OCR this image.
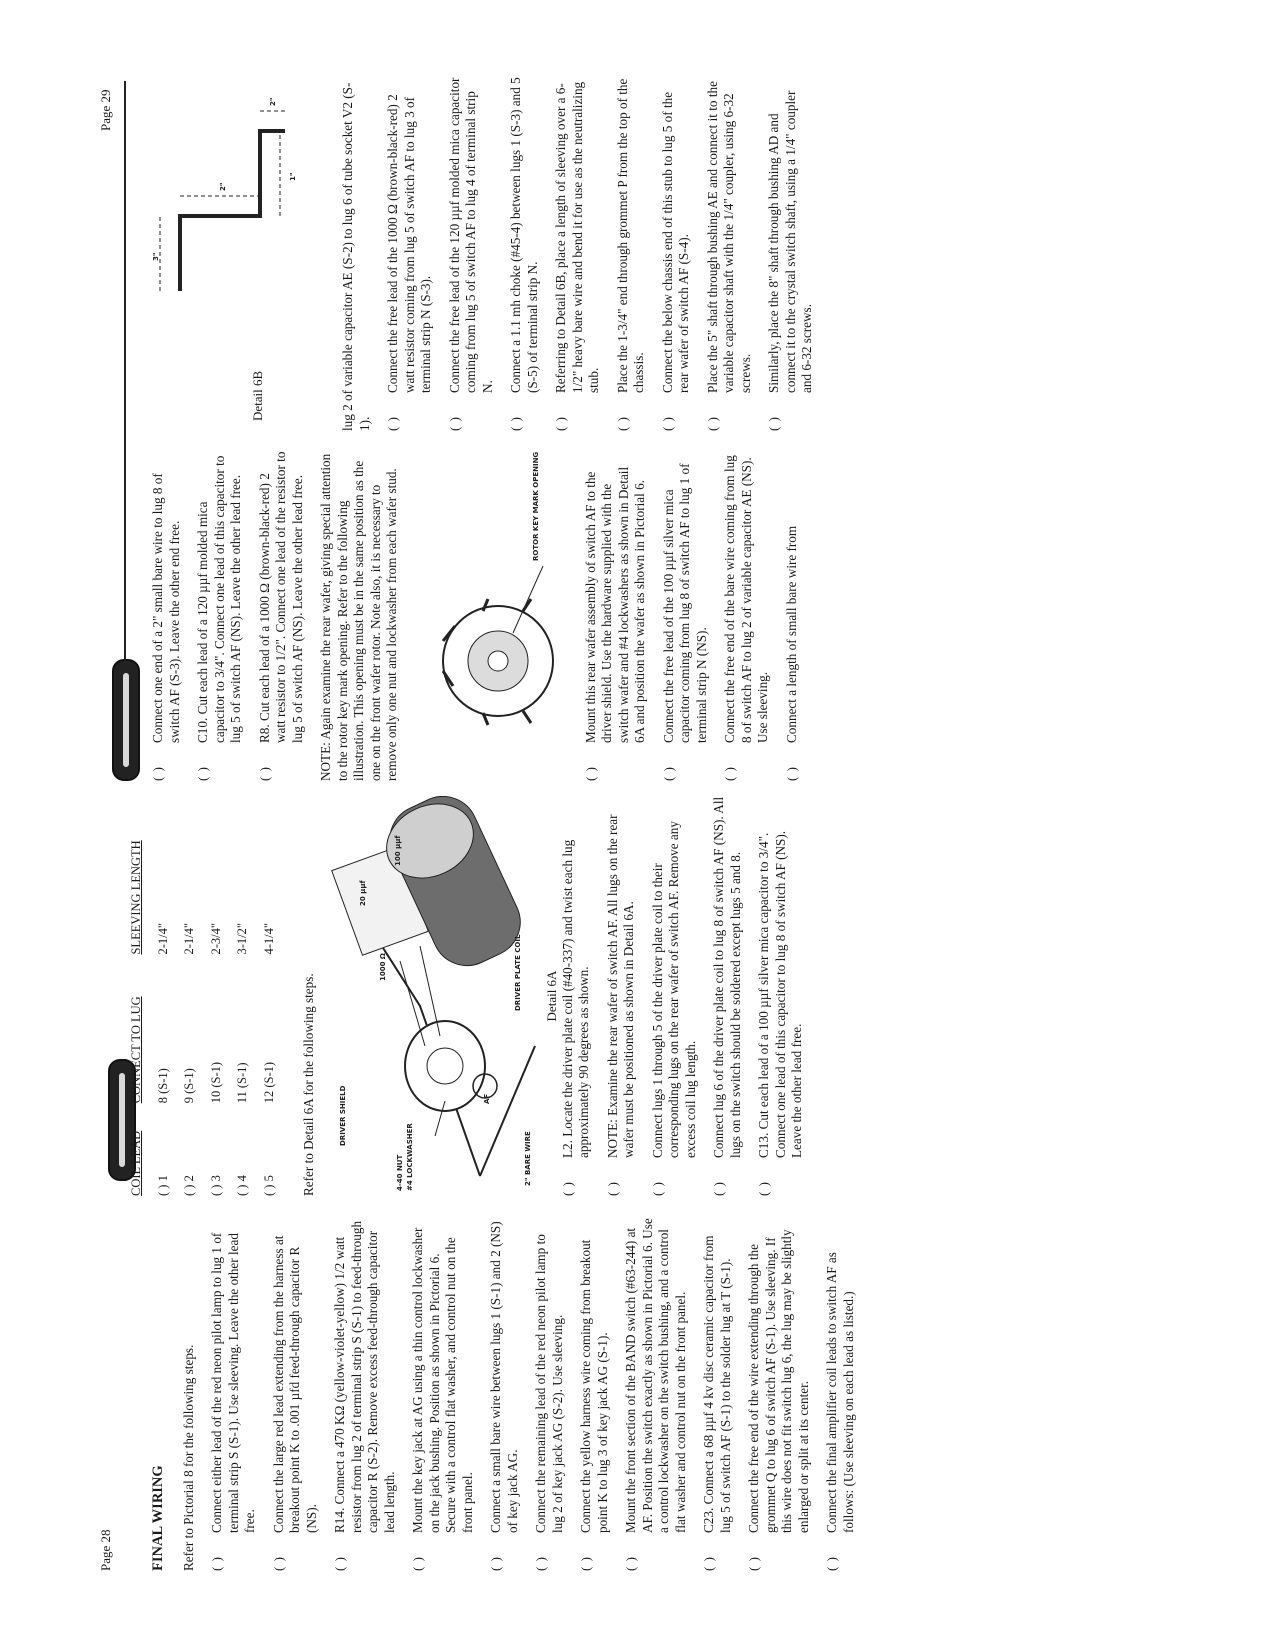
Page 28	FINAL WIRING Refer to Pictorial 8 for the following steps. ( )
Connect either lead of the red neon pilot lamp to lug 1 of terminal strip S (S-1). Use sleeving. Leave the other lead free.
( )
Connect the large red lead extending from the harness at breakout point K to .001 µfd feed-through capacitor R (NS).
( )
R14. Connect a 470 KΩ (yellow-violet-yellow) 1/2 watt resistor from lug 2 of terminal strip S (S-1) to feed-through capacitor R (S-2). Remove excess feed-through capacitor lead length.
( )
Mount the key jack at AG using a thin control lockwasher on the jack bushing. Position as shown in Pictorial 6. Secure with a control flat washer, and control nut on the front panel.
( )
Connect a small bare wire between lugs 1 (S-1) and 2 (NS) of key jack AG.
( )
Connect the remaining lead of the red neon pilot lamp to lug 2 of key jack AG (S-2). Use sleeving.
( )
Connect the yellow harness wire coming from breakout point K to lug 3 of key jack AG (S-1).
( )
Mount the front section of the BAND switch (#63-244) at AF. Position the switch exactly as shown in Pictorial 6. Use a control lockwasher on the switch bushing, and a control flat washer and control nut on the front panel.
( )
C23. Connect a 68 µµf 4 kv disc ceramic capacitor from lug 5 of switch AF (S-1) to the solder lug at T (S-1).
( )
Connect the free end of the wire extending through the grommet Q to lug 6 of switch AF (S-1). Use sleeving. If this wire does not fit switch lug 6, the lug may be slightly enlarged or split at its center.
( )
Connect the final amplifier coil leads to switch AF as follows: (Use sleeving on each lead as listed.)
COIL LEAD	CONNECT TO LUG	SLEEVING LENGTH
( ) 1	8 (S-1)	2-1/4"
( ) 2	9 (S-1)	2-1/4"
( ) 3	10 (S-1)	2-3/4"
( ) 4	11 (S-1)	3-1/2"
( ) 5	12 (S-1)	4-1/4"

Refer to Detail 6A for the following steps.	AF
DRIVER SHIELD
4-40 NUT #4 LOCKWASHER	2" BARE WIRE
DRIVER PLATE COIL
1000 Ω
20 µµf
100 µµf
Detail 6A
( )
L2. Locate the driver plate coil (#40-337) and twist each lug approximately 90 degrees as shown.
( )
NOTE: Examine the rear wafer of switch AF. All lugs on the rear wafer must be positioned as shown in Detail 6A.
( )
Connect lugs 1 through 5 of the driver plate coil to their corresponding lugs on the rear wafer of switch AF. Remove any excess coil lug length.
( )
Connect lug 6 of the driver plate coil to lug 8 of switch AF (NS). All lugs on the switch should be soldered except lugs 5 and 8.
( )
C13. Cut each lead of a 100 µµf silver mica capacitor to 3/4". Connect one lead of this capacitor to lug 8 of switch AF (NS). Leave the other lead free.
Page 29
( )
Connect one end of a 2" small bare wire to lug 8 of switch AF (S-3). Leave the other end free.
( )
C10. Cut each lead of a 120 µµf molded mica capacitor to 3/4". Connect one lead of this capacitor to lug 5 of switch AF (NS). Leave the other lead free.
( )
R8. Cut each lead of a 1000 Ω (brown-black-red) 2 watt resistor to 1/2". Connect one lead of the resistor to lug 5 of switch AF (NS). Leave the other lead free. NOTE: Again examine the rear wafer, giving special attention to the rotor key mark opening. Refer to the following illustration. This opening must be in the same position as the one on the front wafer rotor. Note also, it is necessary to remove only one nut and lockwasher from each wafer stud.	ROTOR KEY MARK OPENING
( )
Mount this rear wafer assembly of switch AF to the driver shield. Use the hardware supplied with the switch wafer and #4 lockwashers as shown in Detail 6A and position the wafer as shown in Pictorial 6.
( )
Connect the free lead of the 100 µµf silver mica capacitor coming from lug 8 of switch AF to lug 1 of terminal strip N (NS).
( )
Connect the free end of the bare wire coming from lug 8 of switch AF to lug 2 of variable capacitor AE (NS). Use sleeving.
( )
Connect a length of small bare wire from
3"
2"
1"
2"
Detail 6B	lug 2 of variable capacitor AE (S-2) to lug 6 of tube socket V2 (S-1). ( )
Connect the free lead of the 1000 Ω (brown-black-red) 2 watt resistor coming from lug 5 of switch AF to lug 3 of terminal strip N (S-3).
( )
Connect the free lead of the 120 µµf molded mica capacitor coming from lug 5 of switch AF to lug 4 of terminal strip N.
( )
Connect a 1.1 mh choke (#45-4) between lugs 1 (S-3) and 5 (S-5) of terminal strip N.
( )
Referring to Detail 6B, place a length of sleeving over a 6-1/2" heavy bare wire and bend it for use as the neutralizing stub.
( )
Place the 1-3/4" end through grommet P from the top of the chassis.
( )
Connect the below chassis end of this stub to lug 5 of the rear wafer of switch AF (S-4).
( )
Place the 5" shaft through bushing AE and connect it to the variable capacitor shaft with the 1/4" coupler, using 6-32 screws.
( )
Similarly, place the 8" shaft through bushing AD and connect it to the crystal switch shaft, using a 1/4" coupler and 6-32 screws.
